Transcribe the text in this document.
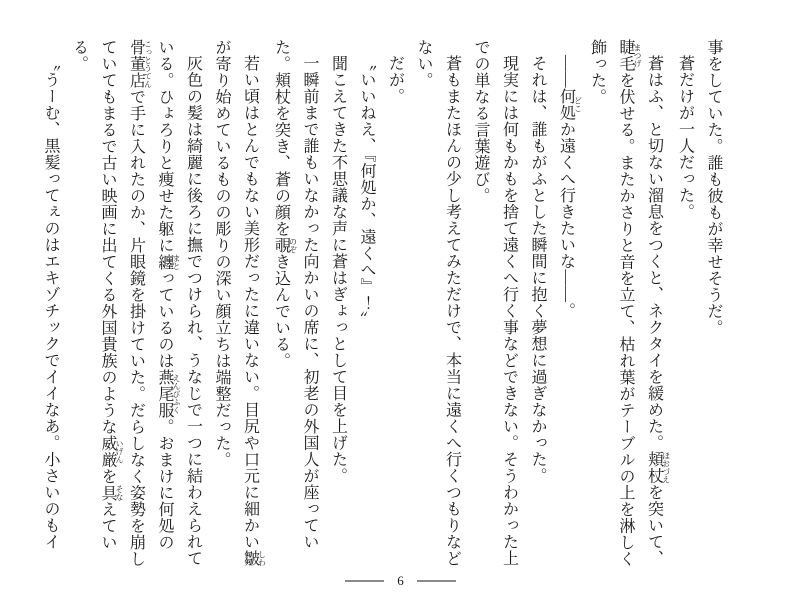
事をしていた。誰も彼もが幸せそうだ。

蒼だけが一人だった。

蒼はふ、と切ない溜息をつくと、ネクタイを緩めた。頬杖 ほおづえを突いて、睫毛 まつげを伏せる。またかさりと音を立て、枯れ葉がテーブルの上を淋しく飾った。

――何処 どこか遠くへ行きたいな――。

それは、誰もがふとした瞬間に抱く夢想に過ぎなかった。

現実には何もかもを捨て遠くへ行く事などできない。そうわかった上での単なる言葉遊び。

蒼もまたほんの少し考えてみただけで、本当に遠くへ行くつもりなどない。

だが。

〝いいねえ、『何処か、遠くへ』！〟

聞こえてきた不思議な声に蒼はぎょっとして目を上げた。

一瞬前まで誰もいなかった向かいの席に、初老の外国人が座っていた。頬杖を突き、蒼の顔を覗 のぞき込んでいる。

若い頃はとんでもない美形だったに違いない。目尻や口元に細かい皺 しわが寄り始めているものの彫りの深い顔立ちは端整だった。

灰色の髪は綺麗に後ろに撫でつけられ、うなじで一つに結わえられている。ひょろりと痩せた躯に纏 まとっているのは燕尾服 えんびふく。おまけに何処の骨董店 こっとうてんで手に入れたのか、片眼鏡を掛けていた。だらしなく姿勢を崩していてもまるで古い映画に出てくる外国貴族のような威厳 いげんを具 そなえている。

〝うーむ、黒髪ってぇのはエキゾチックでイイなあ。小さいのもイ

6
